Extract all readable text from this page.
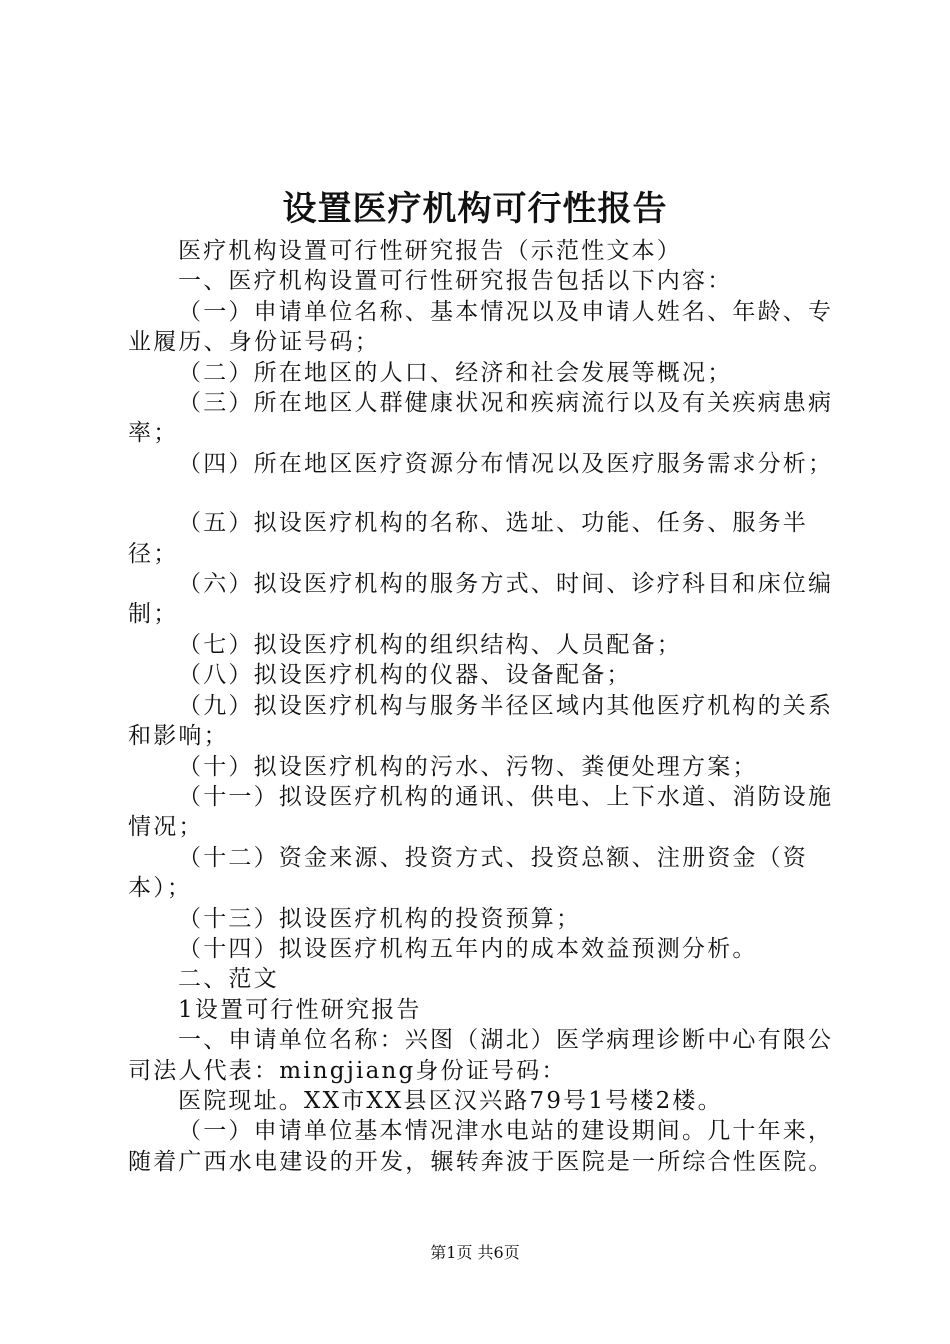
设置医疗机构可行性报告

医疗机构设置可行性研究报告（示范性文本）

一、医疗机构设置可行性研究报告包括以下内容：

（一）申请单位名称、基本情况以及申请人姓名、年龄、专业履历、身份证号码；

（二）所在地区的人口、经济和社会发展等概况；

（三）所在地区人群健康状况和疾病流行以及有关疾病患病率；

（四）所在地区医疗资源分布情况以及医疗服务需求分析；

（五）拟设医疗机构的名称、选址、功能、任务、服务半径；

（六）拟设医疗机构的服务方式、时间、诊疗科目和床位编制；

（七）拟设医疗机构的组织结构、人员配备；

（八）拟设医疗机构的仪器、设备配备；

（九）拟设医疗机构与服务半径区域内其他医疗机构的关系和影响；

（十）拟设医疗机构的污水、污物、粪便处理方案；

（十一）拟设医疗机构的通讯、供电、上下水道、消防设施情况；

（十二）资金来源、投资方式、投资总额、注册资金（资本）；

（十三）拟设医疗机构的投资预算；

（十四）拟设医疗机构五年内的成本效益预测分析。

二、范文

1设置可行性研究报告

一、申请单位名称：兴图（湖北）医学病理诊断中心有限公司法人代表：mingjiang身份证号码：

医院现址。XX市XX县区汉兴路79号1号楼2楼。

（一）申请单位基本情况津水电站的建设期间。几十年来，随着广西水电建设的开发，辗转奔波于医院是一所综合性医院。

第1页 共6页
